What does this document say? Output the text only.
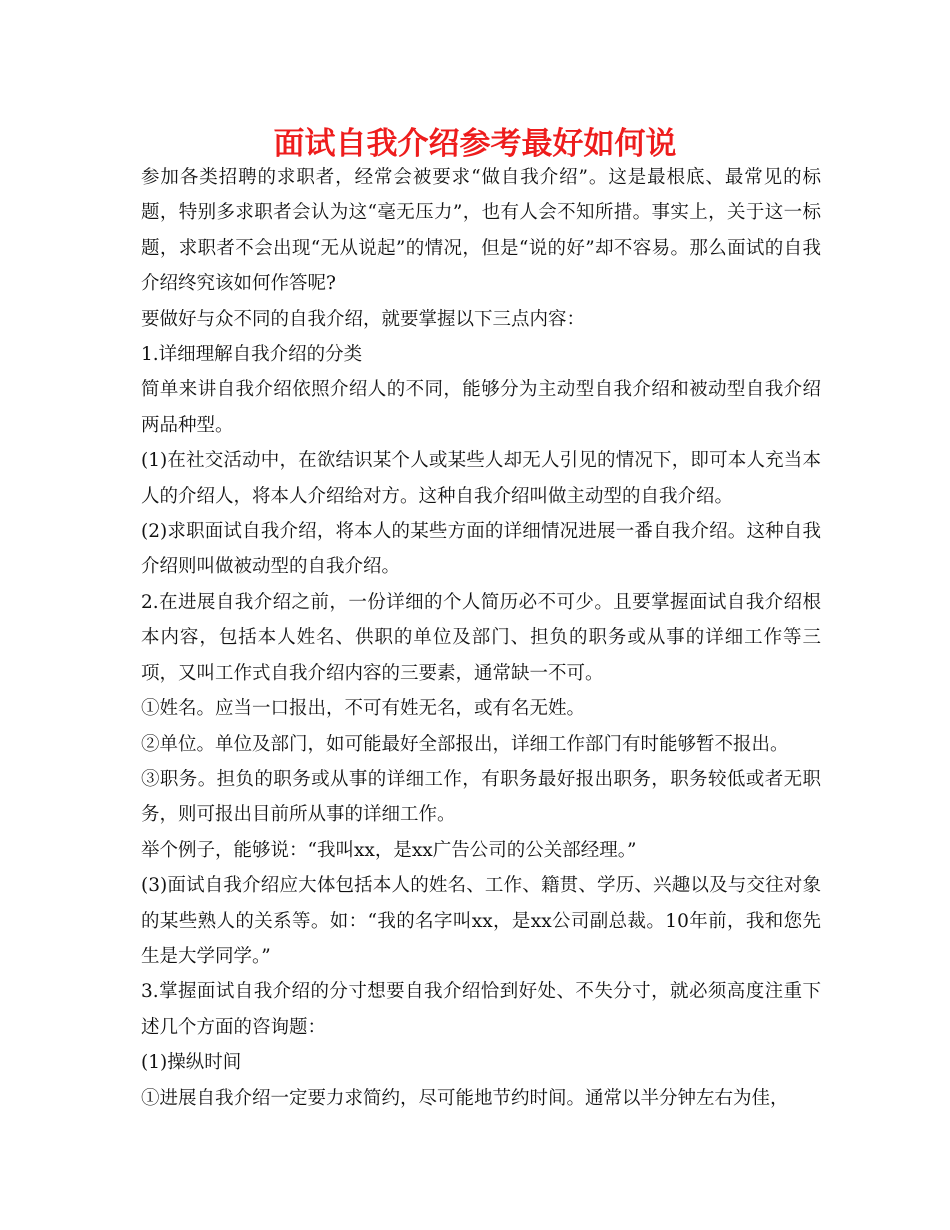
面试自我介绍参考最好如何说

参加各类招聘的求职者，经常会被要求“做自我介绍”。这是最根底、最常见的标题，特别多求职者会认为这“毫无压力”，也有人会不知所措。事实上，关于这一标题，求职者不会出现“无从说起”的情况，但是“说的好”却不容易。那么面试的自我介绍终究该如何作答呢?

要做好与众不同的自我介绍，就要掌握以下三点内容：

1.详细理解自我介绍的分类

简单来讲自我介绍依照介绍人的不同，能够分为主动型自我介绍和被动型自我介绍两品种型。

(1)在社交活动中，在欲结识某个人或某些人却无人引见的情况下，即可本人充当本人的介绍人，将本人介绍给对方。这种自我介绍叫做主动型的自我介绍。

(2)求职面试自我介绍，将本人的某些方面的详细情况进展一番自我介绍。这种自我介绍则叫做被动型的自我介绍。

2.在进展自我介绍之前，一份详细的个人简历必不可少。且要掌握面试自我介绍根本内容，包括本人姓名、供职的单位及部门、担负的职务或从事的详细工作等三项，又叫工作式自我介绍内容的三要素，通常缺一不可。

①姓名。应当一口报出，不可有姓无名，或有名无姓。

②单位。单位及部门，如可能最好全部报出，详细工作部门有时能够暂不报出。

③职务。担负的职务或从事的详细工作，有职务最好报出职务，职务较低或者无职务，则可报出目前所从事的详细工作。

举个例子，能够说：“我叫xx，是xx广告公司的公关部经理。”

(3)面试自我介绍应大体包括本人的姓名、工作、籍贯、学历、兴趣以及与交往对象的某些熟人的关系等。如：“我的名字叫xx，是xx公司副总裁。10年前，我和您先生是大学同学。”

3.掌握面试自我介绍的分寸想要自我介绍恰到好处、不失分寸，就必须高度注重下述几个方面的咨询题：

(1)操纵时间

①进展自我介绍一定要力求简约，尽可能地节约时间。通常以半分钟左右为佳，
